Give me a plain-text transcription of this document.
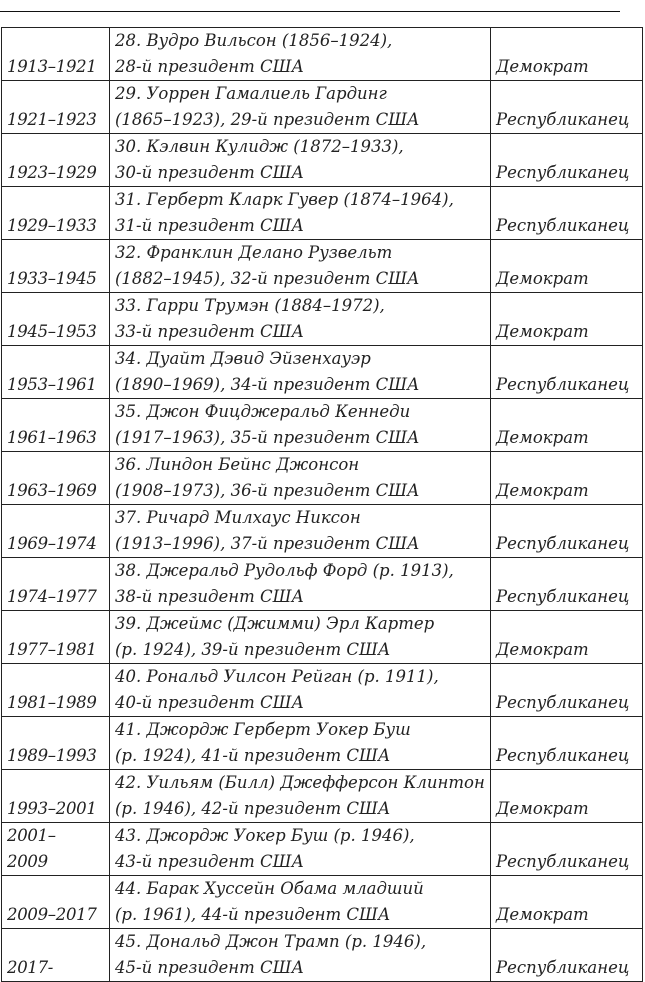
1913–1921	28. Вудро Вильсон (1856–1924),
28-й президент США	Демократ

1921–1923	29. Уоррен Гамалиель Гардинг
(1865–1923), 29-й президент США	Республиканец

1923–1929	30. Кэлвин Кулидж (1872–1933),
30-й президент США	Республиканец

1929–1933	31. Герберт Кларк Гувер (1874–1964),
31-й президент США	Республиканец

1933–1945	32. Франклин Делано Рузвельт
(1882–1945), 32-й президент США	Демократ

1945–1953	33. Гарри Трумэн (1884–1972),
33-й президент США	Демократ

1953–1961	34. Дуайт Дэвид Эйзенхауэр
(1890–1969), 34-й президент США	Республиканец

1961–1963	35. Джон Фицджеральд Кеннеди
(1917–1963), 35-й президент США	Демократ

1963–1969	36. Линдон Бейнс Джонсон
(1908–1973), 36-й президент США	Демократ

1969–1974	37. Ричард Милхаус Никсон
(1913–1996), 37-й президент США	Республиканец

1974–1977	38. Джеральд Рудольф Форд (р. 1913),
38-й президент США	Республиканец

1977–1981	39. Джеймс (Джимми) Эрл Картер
(р. 1924), 39-й президент США	Демократ

1981–1989	40. Рональд Уилсон Рейган (р. 1911),
40-й президент США	Республиканец

1989–1993	41. Джордж Герберт Уокер Буш
(р. 1924), 41-й президент США	Республиканец

1993–2001	42. Уильям (Билл) Джефферсон Клинтон
(р. 1946), 42-й президент США	Демократ

2001–
2009	43. Джордж Уокер Буш (р. 1946),
43-й президент США	Республиканец

2009–2017	44. Барак Хуссейн Обама младший
(р. 1961), 44-й президент США	Демократ

2017-	45. Дональд Джон Трамп (р. 1946),
45-й президент США	Республиканец
